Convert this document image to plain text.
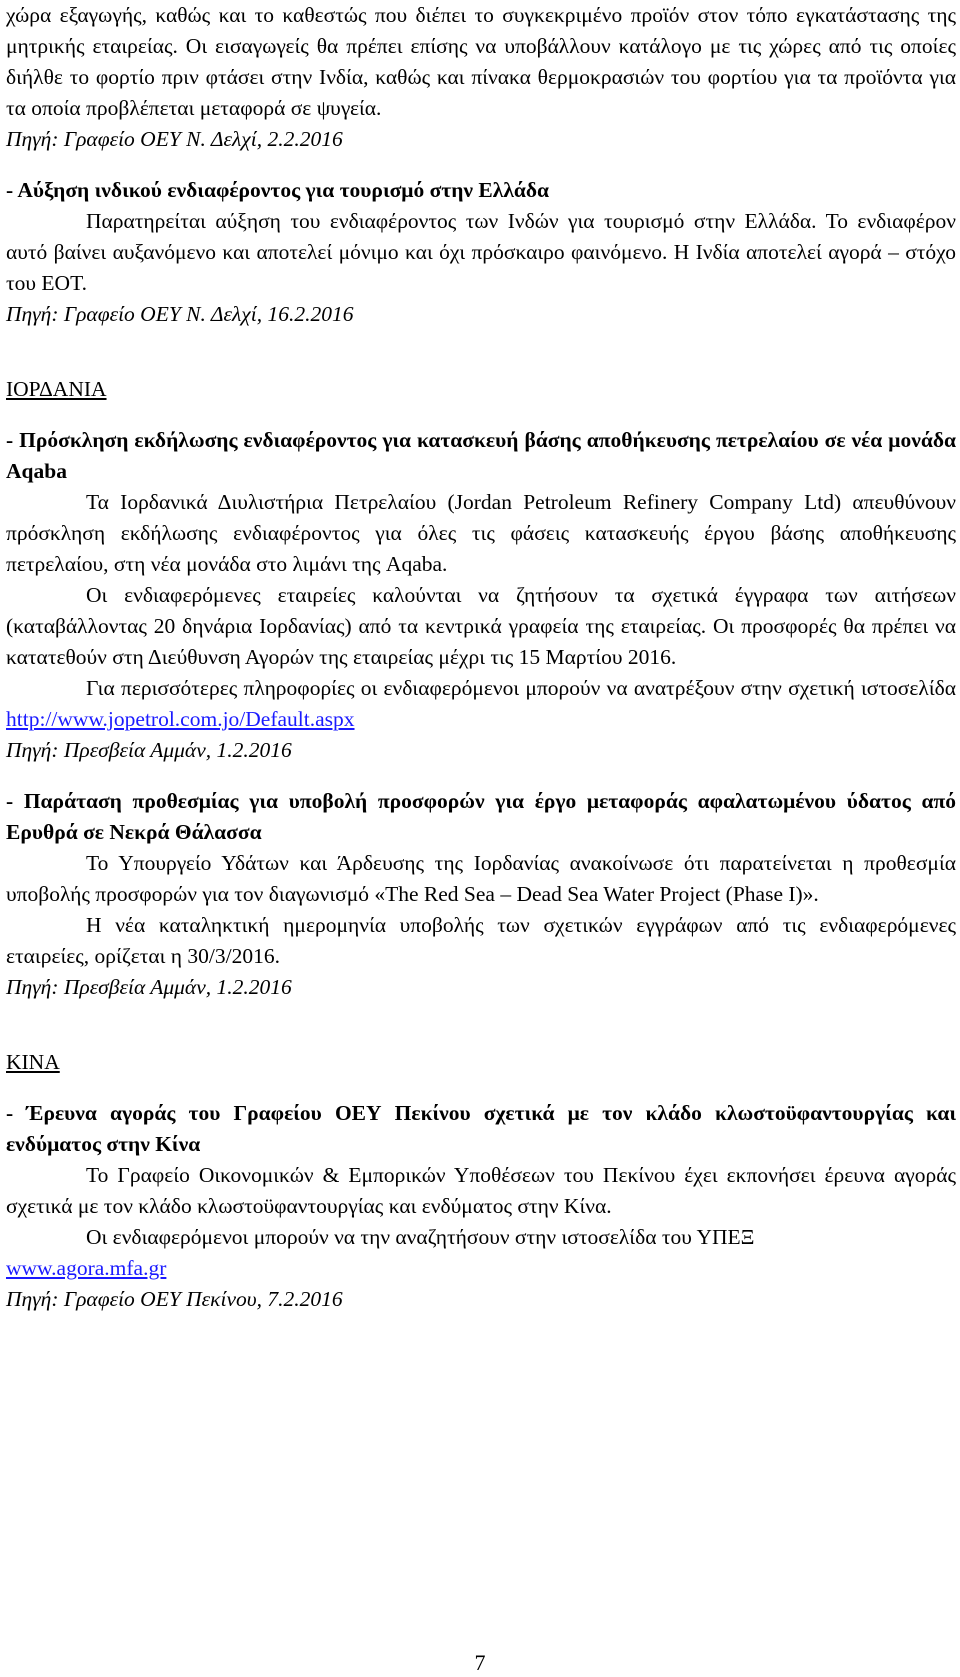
χώρα εξαγωγής, καθώς και το καθεστώς που διέπει το συγκεκριμένο προϊόν στον τόπο εγκατάστασης της μητρικής εταιρείας. Οι εισαγωγείς θα πρέπει επίσης να υποβάλλουν κατάλογο με τις χώρες από τις οποίες διήλθε το φορτίο πριν φτάσει στην Ινδία, καθώς και πίνακα θερμοκρασιών του φορτίου για τα προϊόντα για τα οποία προβλέπεται μεταφορά σε ψυγεία.

Πηγή: Γραφείο ΟΕΥ Ν. Δελχί, 2.2.2016

- Αύξηση ινδικού ενδιαφέροντος για τουρισμό στην Ελλάδα

Παρατηρείται αύξηση του ενδιαφέροντος των Ινδών για τουρισμό στην Ελλάδα. Το ενδιαφέρον αυτό βαίνει αυξανόμενο και αποτελεί μόνιμο και όχι πρόσκαιρο φαινόμενο. Η Ινδία αποτελεί αγορά – στόχο του ΕΟΤ.

Πηγή: Γραφείο ΟΕΥ Ν. Δελχί, 16.2.2016

ΙΟΡΔΑΝΙΑ

- Πρόσκληση εκδήλωσης ενδιαφέροντος για κατασκευή βάσης αποθήκευσης πετρελαίου σε νέα μονάδα Aqaba

Τα Ιορδανικά Διυλιστήρια Πετρελαίου (Jordan Petroleum Refinery Company Ltd) απευθύνουν πρόσκληση εκδήλωσης ενδιαφέροντος για όλες τις φάσεις κατασκευής έργου βάσης αποθήκευσης πετρελαίου, στη νέα μονάδα στο λιμάνι της Aqaba.

Οι ενδιαφερόμενες εταιρείες καλούνται να ζητήσουν τα σχετικά έγγραφα των αιτήσεων (καταβάλλοντας 20 δηνάρια Ιορδανίας) από τα κεντρικά γραφεία της εταιρείας. Οι προσφορές θα πρέπει να κατατεθούν στη Διεύθυνση Αγορών της εταιρείας μέχρι τις 15 Μαρτίου 2016.

Για περισσότερες πληροφορίες οι ενδιαφερόμενοι μπορούν να ανατρέξουν στην σχετική ιστοσελίδα http://www.jopetrol.com.jo/Default.aspx

Πηγή: Πρεσβεία Αμμάν, 1.2.2016

- Παράταση προθεσμίας για υποβολή προσφορών για έργο μεταφοράς αφαλατωμένου ύδατος από Ερυθρά σε Νεκρά Θάλασσα

Το Υπουργείο Υδάτων και Άρδευσης της Ιορδανίας ανακοίνωσε ότι παρατείνεται η προθεσμία υποβολής προσφορών για τον διαγωνισμό «The Red Sea – Dead Sea Water Project (Phase I)».

Η νέα καταληκτική ημερομηνία υποβολής των σχετικών εγγράφων από τις ενδιαφερόμενες εταιρείες, ορίζεται η 30/3/2016.

Πηγή: Πρεσβεία Αμμάν, 1.2.2016

ΚΙΝΑ

- Έρευνα αγοράς του Γραφείου ΟΕΥ Πεκίνου σχετικά με τον κλάδο κλωστοϋφαντουργίας και ενδύματος στην Κίνα

Το Γραφείο Οικονομικών & Εμπορικών Υποθέσεων του Πεκίνου έχει εκπονήσει έρευνα αγοράς σχετικά με τον κλάδο κλωστοϋφαντουργίας και ενδύματος στην Κίνα.

Οι ενδιαφερόμενοι μπορούν να την αναζητήσουν στην ιστοσελίδα του ΥΠΕΞ

www.agora.mfa.gr

Πηγή: Γραφείο ΟΕΥ Πεκίνου, 7.2.2016

7
